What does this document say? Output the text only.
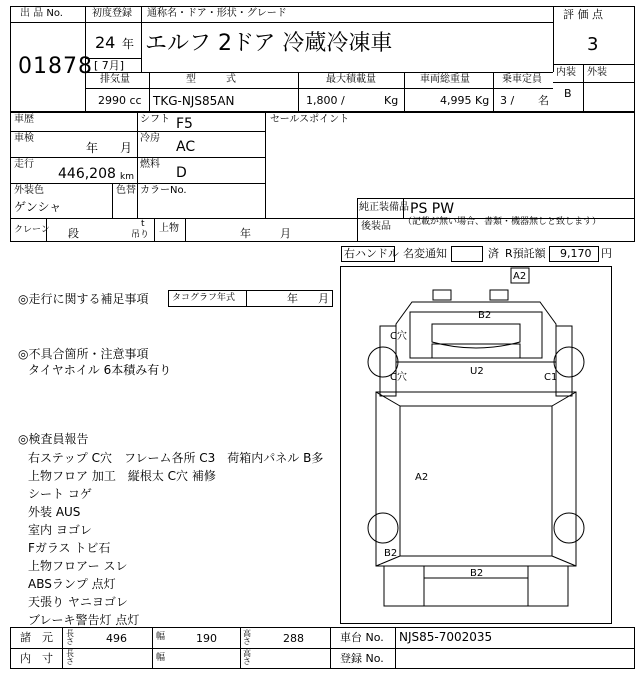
出 品 No.
01878
初度登録
24 年
[ 7月]
通称名・ドア・形状・グレード
エルフ 2ドア 冷蔵冷凍車
評 価 点
3
内装 外装
B
排気量
2990 cc
型　　　式
TKG-NJS85AN
最大積載量
1,800 /	Kg
車両総重量
4,995 Kg
乗車定員
3 / 名
車歴	シフト F5	セールスポイント
車検
年 月
冷房
AC
走行
446,208 km
燃料
D
外装色
ゲンシャ
色替 カラーNo.
純正装備品 PS PW
後装品 （記載が無い場合、書類・機器無しと致します）
クレーン 段
t
吊り
上物	年	月
右ハンドル 名変通知	済 R預託額 9,170 円
◎走行に関する補足事項	タコグラフ年式	年 月
◎不具合箇所・注意事項
タイヤホイル 6本積み有り
◎検査員報告
右ステップ C穴　フレーム各所 C3　荷箱内パネル B多
上物フロア 加工　縦根太 C穴 補修
シート コゲ
外装 AUS
室内 ヨゴレ
Fガラス トビ石
上物フロアー スレ
ABSランプ 点灯
天張り ヤニヨゴレ
ブレーキ警告灯 点灯
A2
B2
C穴
C穴
U2
C1
A2
B2
B2
諸　元 長さ	496	幅	190	高さ	288	車台 No. NJS85-7002035
内　寸 長さ	幅	高さ	登録 No.
